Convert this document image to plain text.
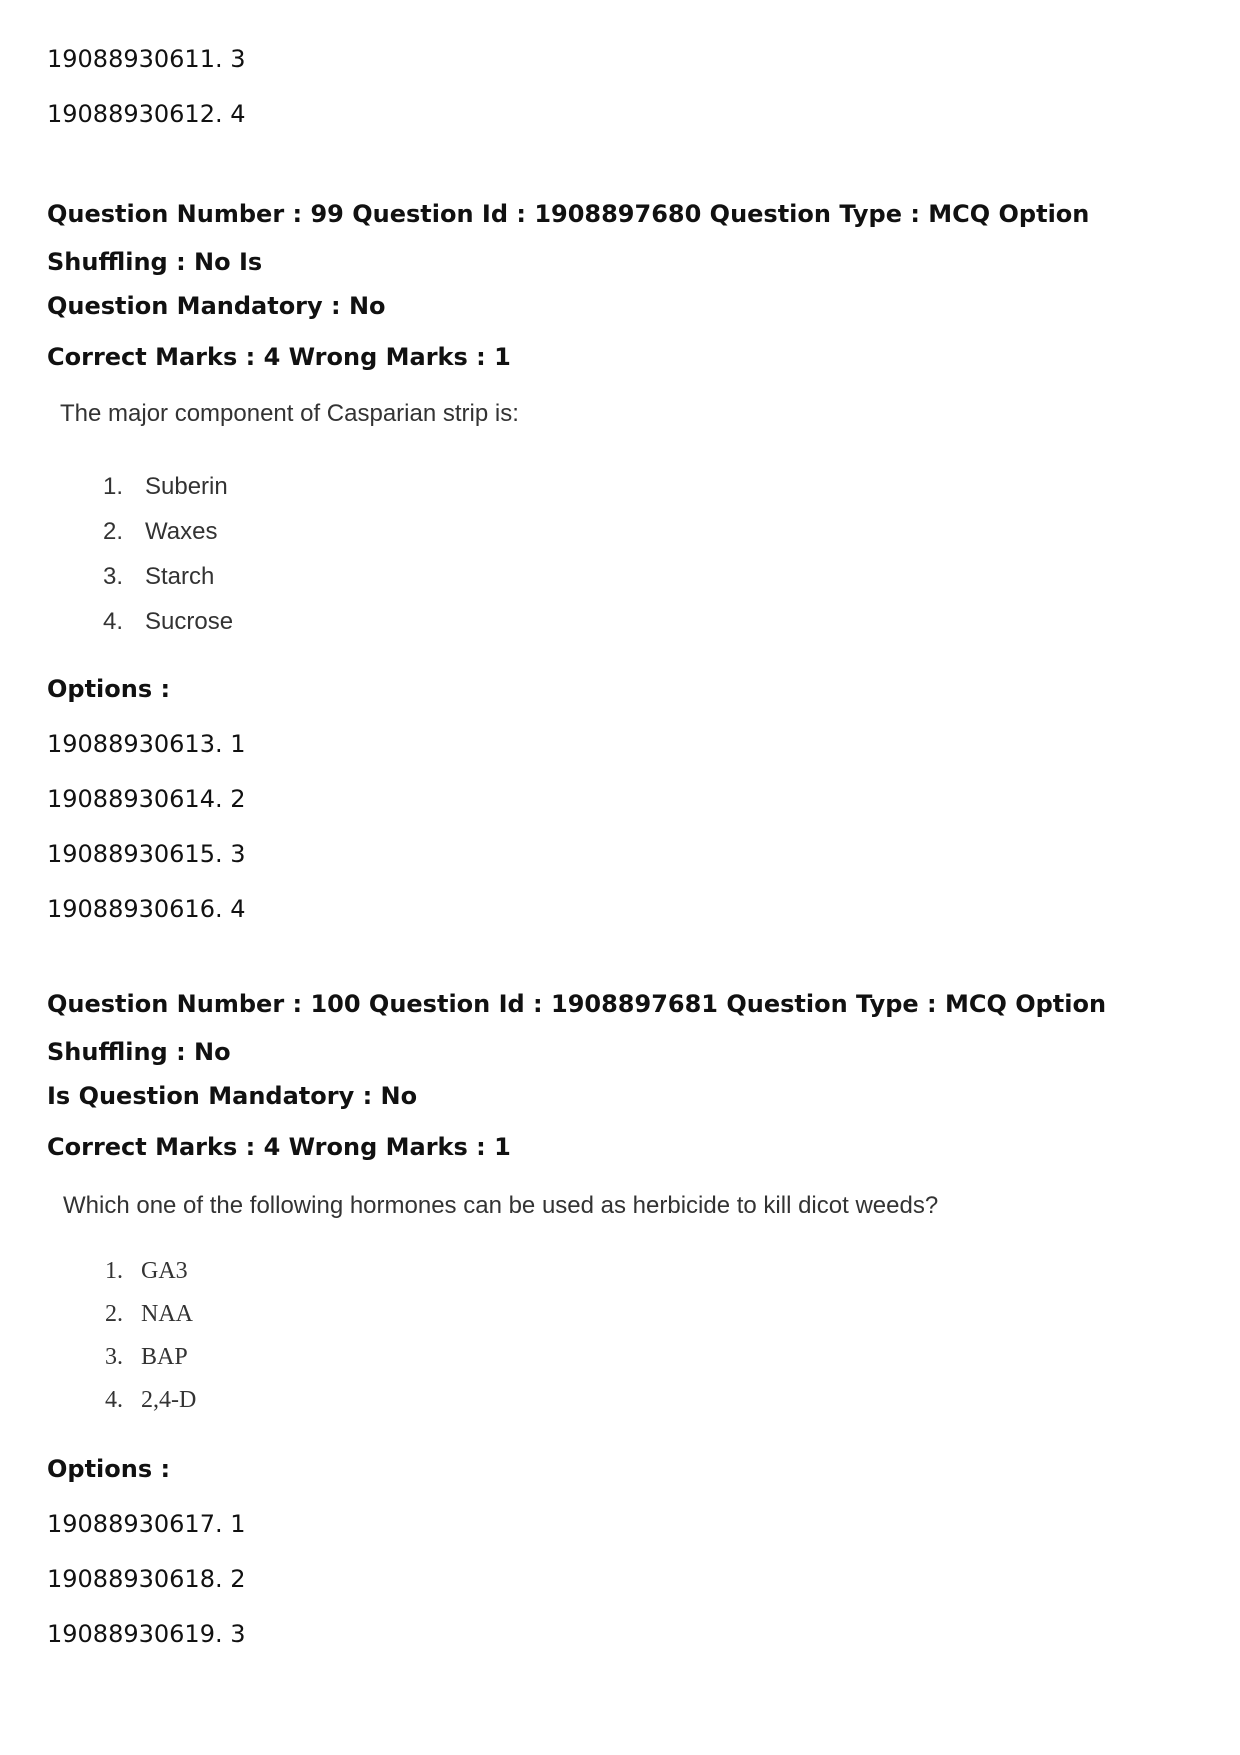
19088930611. 3

19088930612. 4

Question Number : 99 Question Id : 1908897680 Question Type : MCQ Option Shuffling : No Is

Question Mandatory : No

Correct Marks : 4 Wrong Marks : 1

The major component of Casparian strip is:

1. Suberin
2. Waxes
3. Starch
4. Sucrose

Options :

19088930613. 1

19088930614. 2

19088930615. 3

19088930616. 4

Question Number : 100 Question Id : 1908897681 Question Type : MCQ Option Shuffling : No

Is Question Mandatory : No

Correct Marks : 4 Wrong Marks : 1

Which one of the following hormones can be used as herbicide to kill dicot weeds?

1. GA3
2. NAA
3. BAP
4. 2,4-D

Options :

19088930617. 1

19088930618. 2

19088930619. 3
